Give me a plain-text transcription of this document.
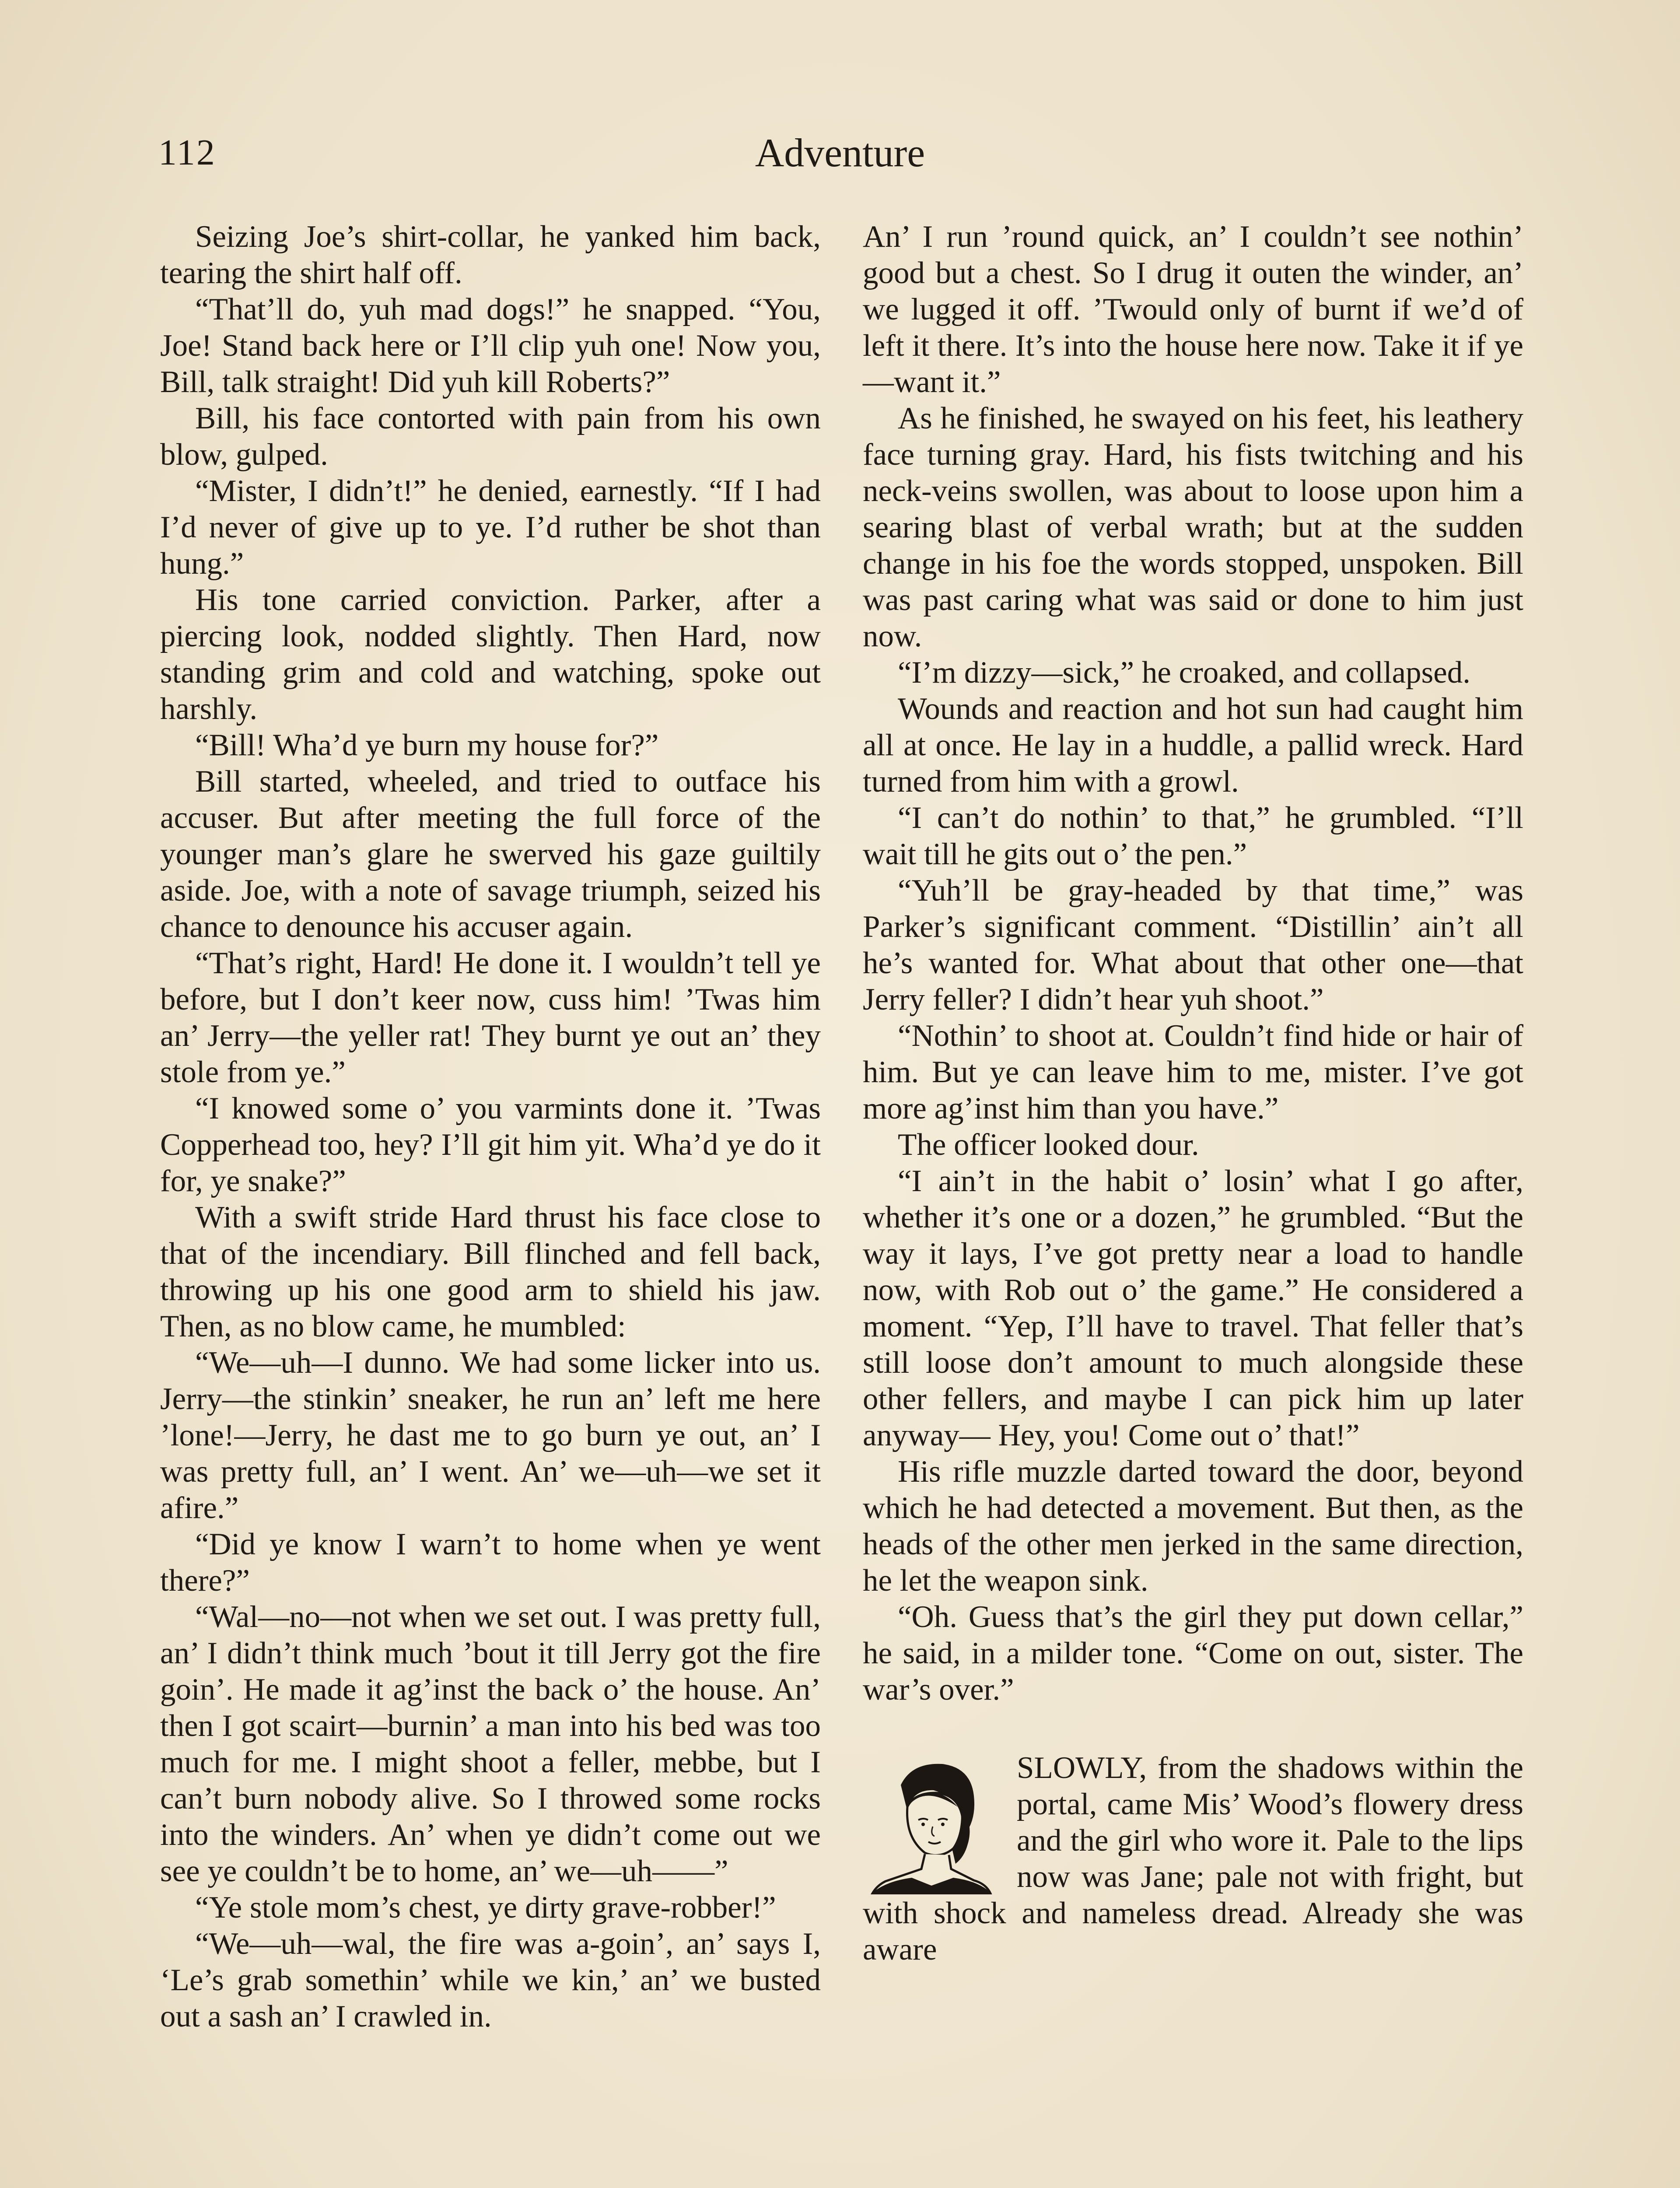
112	Adventure

Seizing Joe’s shirt-collar, he yanked him back, tearing the shirt half off.

“That’ll do, yuh mad dogs!” he snapped. “You, Joe! Stand back here or I’ll clip yuh one! Now you, Bill, talk straight! Did yuh kill Roberts?”

Bill, his face contorted with pain from his own blow, gulped.

“Mister, I didn’t!” he denied, earnestly. “If I had I’d never of give up to ye. I’d ruther be shot than hung.”

His tone carried conviction. Parker, after a piercing look, nodded slightly. Then Hard, now standing grim and cold and watching, spoke out harshly.

“Bill! Wha’d ye burn my house for?”

Bill started, wheeled, and tried to outface his accuser. But after meeting the full force of the younger man’s glare he swerved his gaze guiltily aside. Joe, with a note of savage triumph, seized his chance to denounce his accuser again.

“That’s right, Hard! He done it. I wouldn’t tell ye before, but I don’t keer now, cuss him! ’Twas him an’ Jerry—the yeller rat! They burnt ye out an’ they stole from ye.”

“I knowed some o’ you varmints done it. ’Twas Copperhead too, hey? I’ll git him yit. Wha’d ye do it for, ye snake?”

With a swift stride Hard thrust his face close to that of the incendiary. Bill flinched and fell back, throwing up his one good arm to shield his jaw. Then, as no blow came, he mumbled:

“We—uh—I dunno. We had some licker into us. Jerry—the stinkin’ sneaker, he run an’ left me here ’lone!—Jerry, he dast me to go burn ye out, an’ I was pretty full, an’ I went. An’ we—uh—we set it afire.”

“Did ye know I warn’t to home when ye went there?”

“Wal—no—not when we set out. I was pretty full, an’ I didn’t think much ’bout it till Jerry got the fire goin’. He made it ag’inst the back o’ the house. An’ then I got scairt—burnin’ a man into his bed was too much for me. I might shoot a feller, mebbe, but I can’t burn nobody alive. So I throwed some rocks into the winders. An’ when ye didn’t come out we see ye couldn’t be to home, an’ we—uh——”

“Ye stole mom’s chest, ye dirty grave-robber!”

“We—uh—wal, the fire was a-goin’, an’ says I, ‘Le’s grab somethin’ while we kin,’ an’ we busted out a sash an’ I crawled in.

An’ I run ’round quick, an’ I couldn’t see nothin’ good but a chest. So I drug it outen the winder, an’ we lugged it off. ’Twould only of burnt if we’d of left it there. It’s into the house here now. Take it if ye—want it.”

As he finished, he swayed on his feet, his leathery face turning gray. Hard, his fists twitching and his neck-veins swollen, was about to loose upon him a searing blast of verbal wrath; but at the sudden change in his foe the words stopped, unspoken. Bill was past caring what was said or done to him just now.

“I’m dizzy—sick,” he croaked, and collapsed.

Wounds and reaction and hot sun had caught him all at once. He lay in a huddle, a pallid wreck. Hard turned from him with a growl.

“I can’t do nothin’ to that,” he grumbled. “I’ll wait till he gits out o’ the pen.”

“Yuh’ll be gray-headed by that time,” was Parker’s significant comment. “Distillin’ ain’t all he’s wanted for. What about that other one—that Jerry feller? I didn’t hear yuh shoot.”

“Nothin’ to shoot at. Couldn’t find hide or hair of him. But ye can leave him to me, mister. I’ve got more ag’inst him than you have.”

The officer looked dour.

“I ain’t in the habit o’ losin’ what I go after, whether it’s one or a dozen,” he grumbled. “But the way it lays, I’ve got pretty near a load to handle now, with Rob out o’ the game.” He considered a moment. “Yep, I’ll have to travel. That feller that’s still loose don’t amount to much alongside these other fellers, and maybe I can pick him up later anyway— Hey, you! Come out o’ that!”

His rifle muzzle darted toward the door, beyond which he had detected a movement. But then, as the heads of the other men jerked in the same direction, he let the weapon sink.

“Oh. Guess that’s the girl they put down cellar,” he said, in a milder tone. “Come on out, sister. The war’s over.”

SLOWLY, from the shadows within the portal, came Mis’ Wood’s flowery dress and the girl who wore it. Pale to the lips now was Jane; pale not with fright, but with shock and nameless dread. Already she was aware
